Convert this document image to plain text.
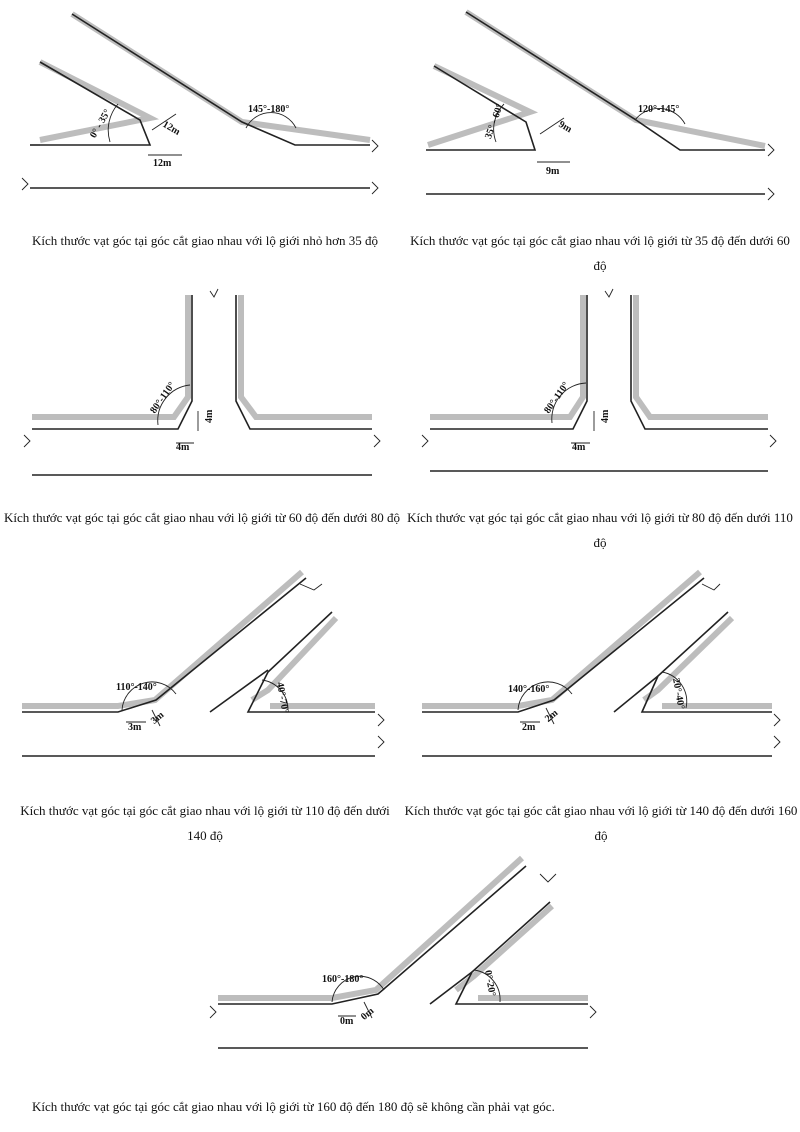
145°-180°
0° - 35°	12m
12m
Kích thước vạt góc tại góc cắt giao nhau với lộ giới nhỏ hơn 35 độ
120°-145°
35° - 60°	9m
9m
Kích thước vạt góc tại góc cắt giao nhau với lộ giới từ 35 độ đến dưới 60 độ
80°-110°
4m
4m
Kích thước vạt góc tại góc cắt giao nhau với lộ giới từ 60 độ đến dưới 80 độ
80°-110°
4m
4m
Kích thước vạt góc tại góc cắt giao nhau với lộ giới từ 80 độ đến dưới 110 độ
110°-140°	40°-70°
3m
3m
Kích thước vạt góc tại góc cắt giao nhau với lộ giới từ 110 độ đến dưới 140 độ
140°-160°	20°-40°
2m
2m
Kích thước vạt góc tại góc cắt giao nhau với lộ giới từ 140 độ đến dưới 160 độ
160°-180°	0°-20°
0m 0m
Kích thước vạt góc tại góc cắt giao nhau với lộ giới từ 160 độ đến 180 độ sẽ không cần phải vạt góc.
